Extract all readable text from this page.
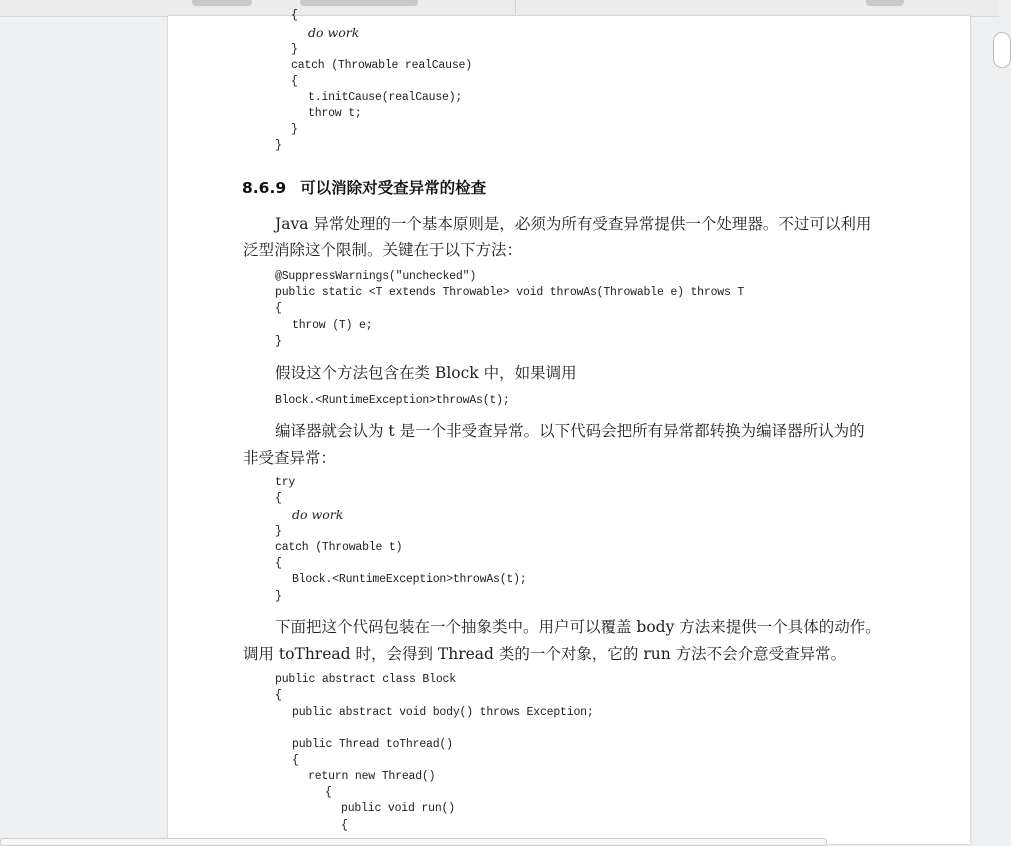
{
do work
}
catch (Throwable realCause)
{
t.initCause(realCause);
throw t;
}
}
8.6.9 可以消除对受查异常的检查
Java 异常处理的一个基本原则是，必须为所有受查异常提供一个处理器。不过可以利用
泛型消除这个限制。关键在于以下方法：
@SuppressWarnings("unchecked")
public static <T extends Throwable> void throwAs(Throwable e) throws T
{
throw (T) e;
}
假设这个方法包含在类 Block 中，如果调用
Block.<RuntimeException>throwAs(t);
编译器就会认为 t 是一个非受查异常。以下代码会把所有异常都转换为编译器所认为的
非受查异常：
try
{
do work
}
catch (Throwable t)
{
Block.<RuntimeException>throwAs(t);
}
下面把这个代码包装在一个抽象类中。用户可以覆盖 body 方法来提供一个具体的动作。
调用 toThread 时，会得到 Thread 类的一个对象，它的 run 方法不会介意受查异常。
public abstract class Block
{
public abstract void body() throws Exception;
public Thread toThread()
{
return new Thread()
{
public void run()
{
